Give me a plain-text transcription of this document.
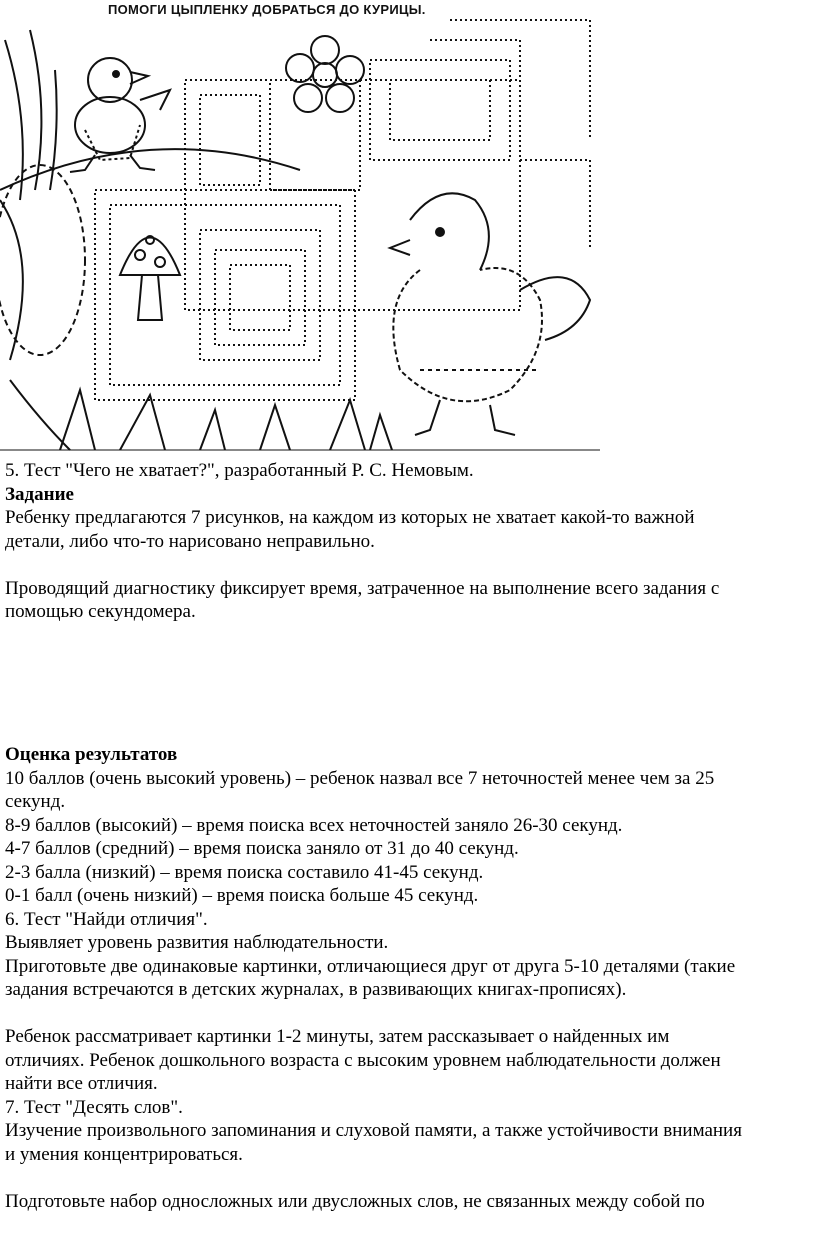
ПОМОГИ ЦЫПЛЕНКУ ДОБРАТЬСЯ ДО КУРИЦЫ.

5. Тест "Чего не хватает?", разработанный Р. С. Немовым.

Задание

Ребенку предлагаются 7 рисунков, на каждом из которых не хватает какой-то важной

детали, либо что-то нарисовано неправильно.

Проводящий диагностику фиксирует время, затраченное на выполнение всего задания с

помощью секундомера.

Оценка результатов

10 баллов (очень высокий уровень) – ребенок назвал все 7 неточностей менее чем за 25

секунд.

8-9 баллов (высокий) – время поиска всех неточностей заняло 26-30 секунд.

4-7 баллов (средний) – время поиска заняло от 31 до 40 секунд.

2-3 балла (низкий) – время поиска составило 41-45 секунд.

0-1 балл (очень низкий) – время поиска больше 45 секунд.

6. Тест "Найди отличия".

Выявляет уровень развития наблюдательности.

Приготовьте две одинаковые картинки, отличающиеся друг от друга 5-10 деталями (такие

задания встречаются в детских журналах, в развивающих книгах-прописях).

Ребенок рассматривает картинки 1-2 минуты, затем рассказывает о найденных им

отличиях. Ребенок дошкольного возраста с высоким уровнем наблюдательности должен

найти все отличия.

7. Тест "Десять слов".

Изучение произвольного запоминания и слуховой памяти, а также устойчивости внимания

и умения концентрироваться.

Подготовьте набор односложных или двусложных слов, не связанных между собой по
